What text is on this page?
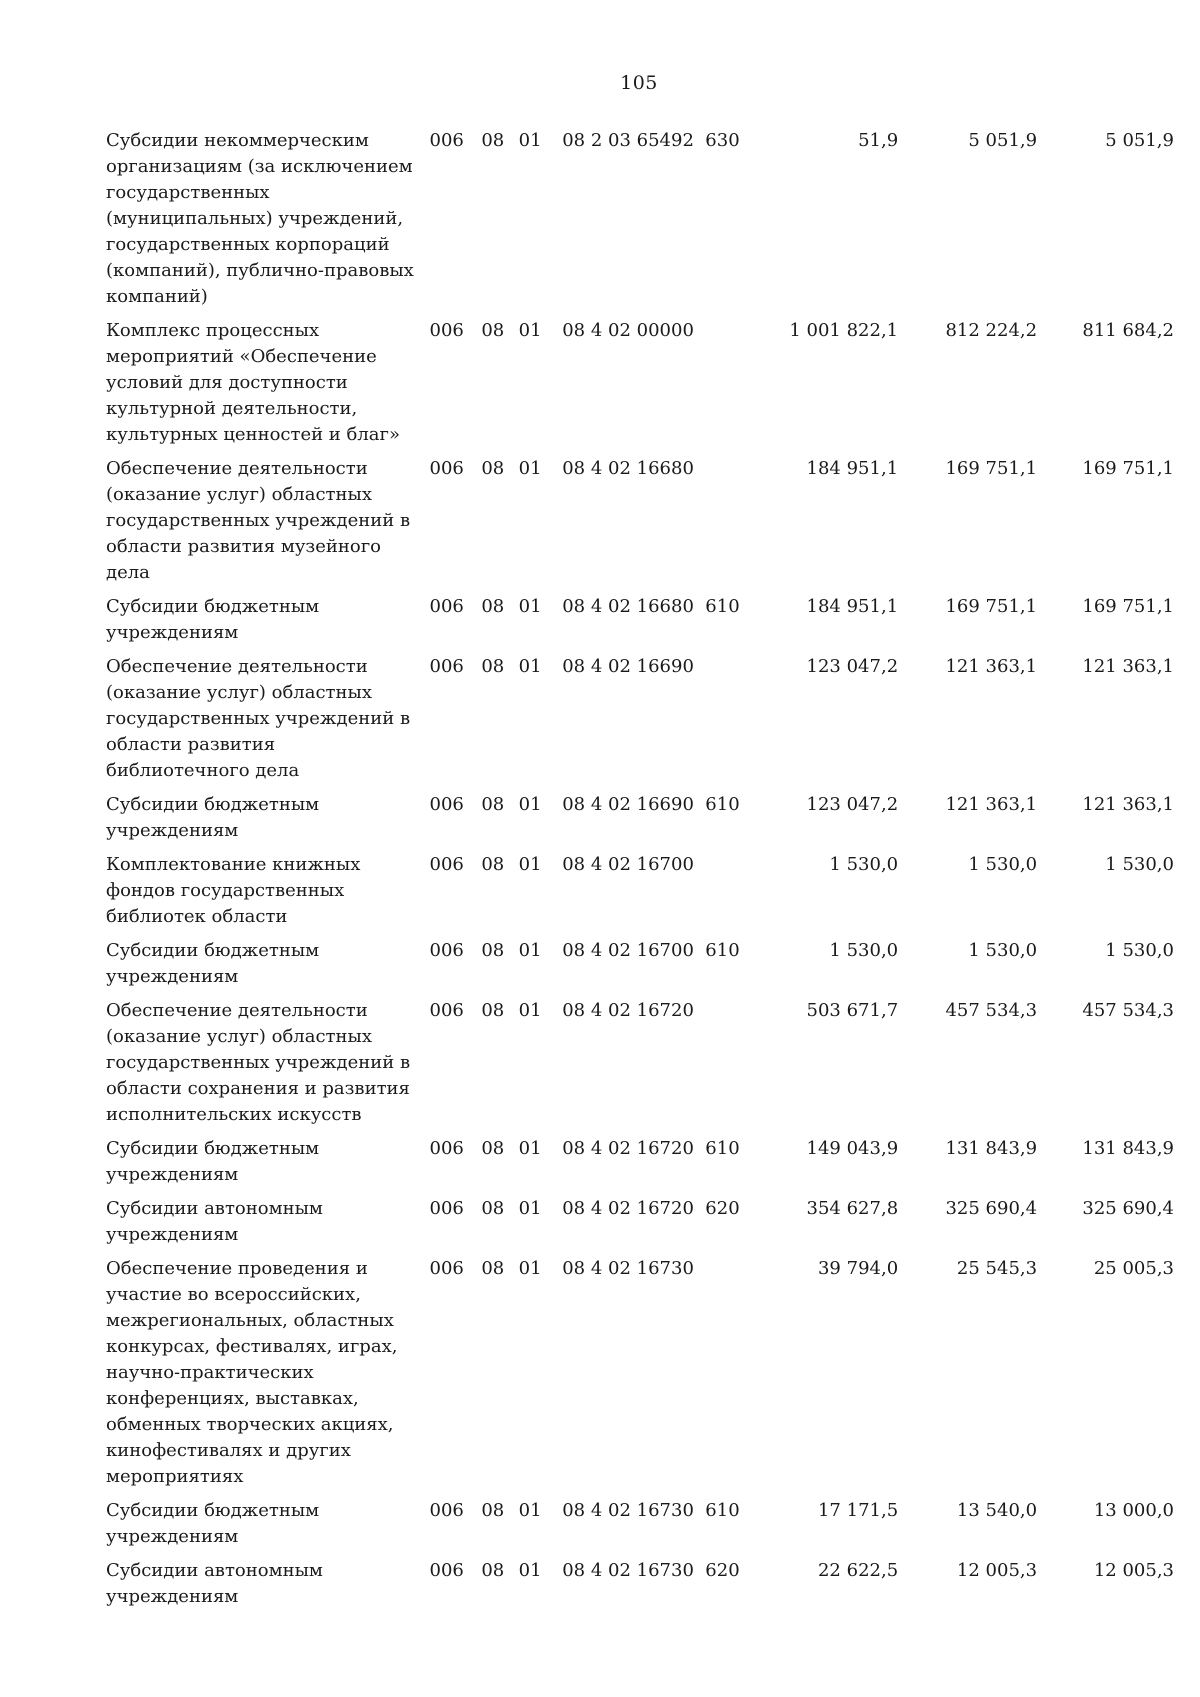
105
Субсидии некоммерческим организациям (за исключением государственных (муниципальных) учреждений, государственных корпораций (компаний), публично-правовых компаний)	006	08	01	08 2 03 65492	630	51,9	5 051,9	5 051,9
Комплекс процессных мероприятий «Обеспечение условий для доступности культурной деятельности, культурных ценностей и благ»	006	08	01	08 4 02 00000		1 001 822,1	812 224,2	811 684,2
Обеспечение деятельности (оказание услуг) областных государственных учреждений в области развития музейного дела	006	08	01	08 4 02 16680		184 951,1	169 751,1	169 751,1
Субсидии бюджетным учреждениям	006	08	01	08 4 02 16680	610	184 951,1	169 751,1	169 751,1
Обеспечение деятельности (оказание услуг) областных государственных учреждений в области развития библиотечного дела	006	08	01	08 4 02 16690		123 047,2	121 363,1	121 363,1
Субсидии бюджетным учреждениям	006	08	01	08 4 02 16690	610	123 047,2	121 363,1	121 363,1
Комплектование книжных фондов государственных библиотек области	006	08	01	08 4 02 16700		1 530,0	1 530,0	1 530,0
Субсидии бюджетным учреждениям	006	08	01	08 4 02 16700	610	1 530,0	1 530,0	1 530,0
Обеспечение деятельности (оказание услуг) областных государственных учреждений в области сохранения и развития исполнительских искусств	006	08	01	08 4 02 16720		503 671,7	457 534,3	457 534,3
Субсидии бюджетным учреждениям	006	08	01	08 4 02 16720	610	149 043,9	131 843,9	131 843,9
Субсидии автономным учреждениям	006	08	01	08 4 02 16720	620	354 627,8	325 690,4	325 690,4
Обеспечение проведения и участие во всероссийских, межрегиональных, областных конкурсах, фестивалях, играх, научно-практических конференциях, выставках, обменных творческих акциях, кинофестивалях и других мероприятиях	006	08	01	08 4 02 16730		39 794,0	25 545,3	25 005,3
Субсидии бюджетным учреждениям	006	08	01	08 4 02 16730	610	17 171,5	13 540,0	13 000,0
Субсидии автономным учреждениям	006	08	01	08 4 02 16730	620	22 622,5	12 005,3	12 005,3
